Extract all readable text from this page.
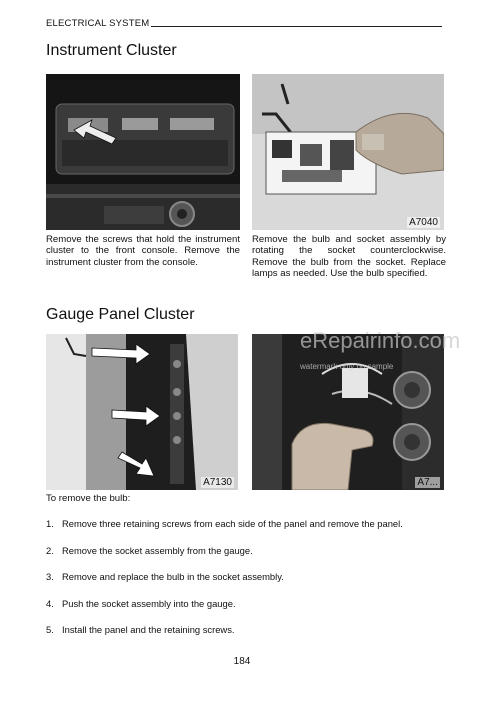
ELECTRICAL SYSTEM
Instrument Cluster
A7040

Remove the screws that hold the instrument cluster to the front console. Remove the instrument cluster from the console.

Remove the bulb and socket assembly by rotating the socket counterclockwise. Remove the bulb from the socket. Replace lamps as needed. Use the bulb specified.

Gauge Panel Cluster
A7130	A7...

To remove the bulb:

1. Remove three retaining screws from each side of the panel and remove the panel.
2. Remove the socket assembly from the gauge.
3. Remove and replace the bulb in the socket assembly.
4. Push the socket assembly into the gauge.
5. Install the panel and the retaining screws.
eRepairinfo.com
watermark only on sample
184
